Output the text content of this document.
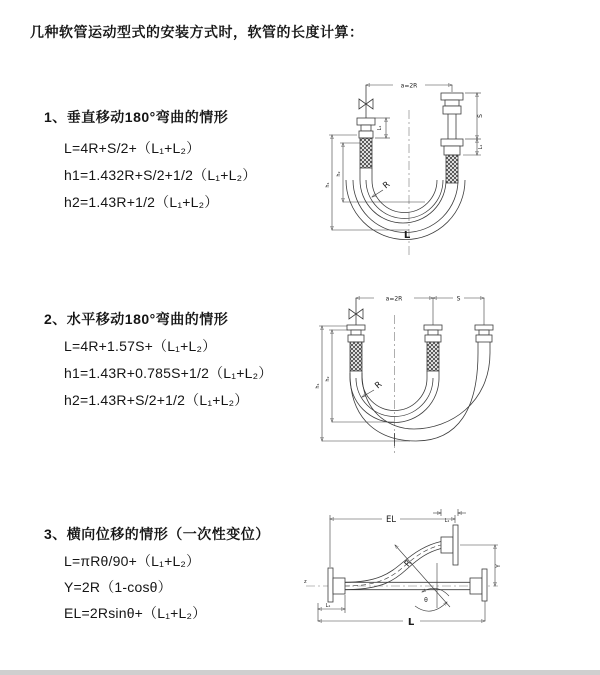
几种软管运动型式的安装方式时，软管的长度计算：
1、垂直移动180°弯曲的情形
L=4R+S/2+（L₁+L₂）
h1=1.432R+S/2+1/2（L₁+L₂）
h2=1.43R+1/2（L₁+L₂）
2、水平移动180°弯曲的情形
L=4R+1.57S+（L₁+L₂）
h1=1.43R+0.785S+1/2（L₁+L₂）
h2=1.43R+S/2+1/2（L₁+L₂）
3、横向位移的情形（一次性变位）
L=πRθ/90+（L₁+L₂）
Y=2R（1-cosθ）
EL=2Rsinθ+（L₁+L₂）
a=2R
L₁
S
L₁
h₁
h₂
R
L
a=2R	S
h₁
h₂
R
z
EL	L₁
Y
R
θ
L₁
L
